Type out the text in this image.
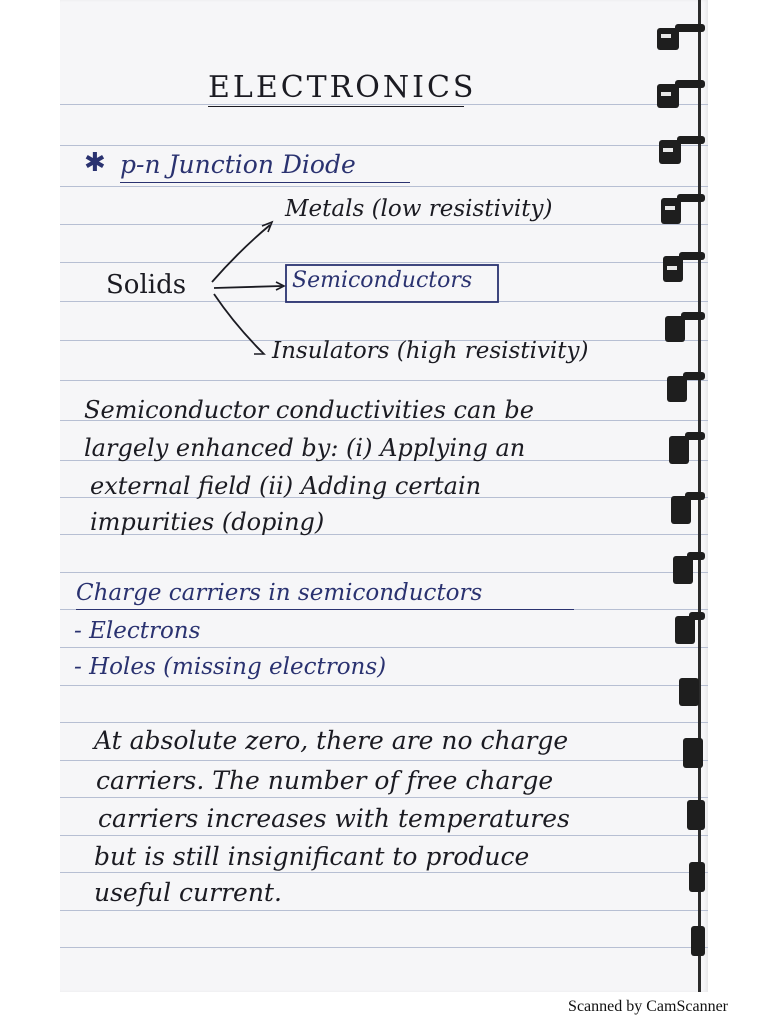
ELECTRONICS
✱ p-n Junction Diode
Solids
Metals (low resistivity)
Semiconductors
Insulators (high resistivity)
Semiconductor conductivities can be
largely enhanced by: (i) Applying an
external field (ii) Adding certain
impurities (doping)
Charge carriers in semiconductors
- Electrons
- Holes (missing electrons)
At absolute zero, there are no charge
carriers. The number of free charge
carriers increases with temperatures
but is still insignificant to produce
useful current.
Scanned by CamScanner
